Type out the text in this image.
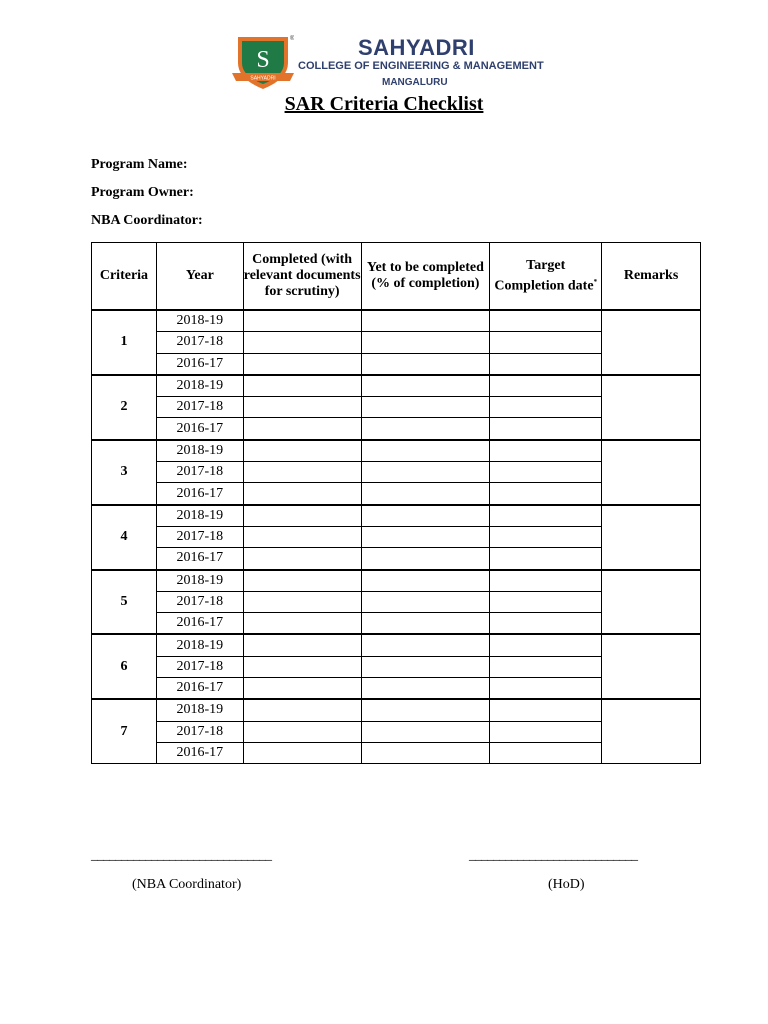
S
SAHYADRI
®	SAHYADRI
COLLEGE OF ENGINEERING & MANAGEMENT
MANGALURU
SAR Criteria Checklist
Program Name:
Program Owner:
NBA Coordinator:
Criteria	Year	Completed (with relevant documents for scrutiny)	Yet to be completed (% of completion)	Target Completion date*	Remarks
1	2018-19				
	2017-18				
	2016-17				
2	2018-19				
	2017-18				
	2016-17				
3	2018-19				
	2017-18				
	2016-17				
4	2018-19				
	2017-18				
	2016-17				
5	2018-19				
	2017-18				
	2016-17				
6	2018-19				
	2017-18				
	2016-17				
7	2018-19				
	2017-18				
	2016-17				
______________________________
(NBA Coordinator)
____________________________
(HoD)
